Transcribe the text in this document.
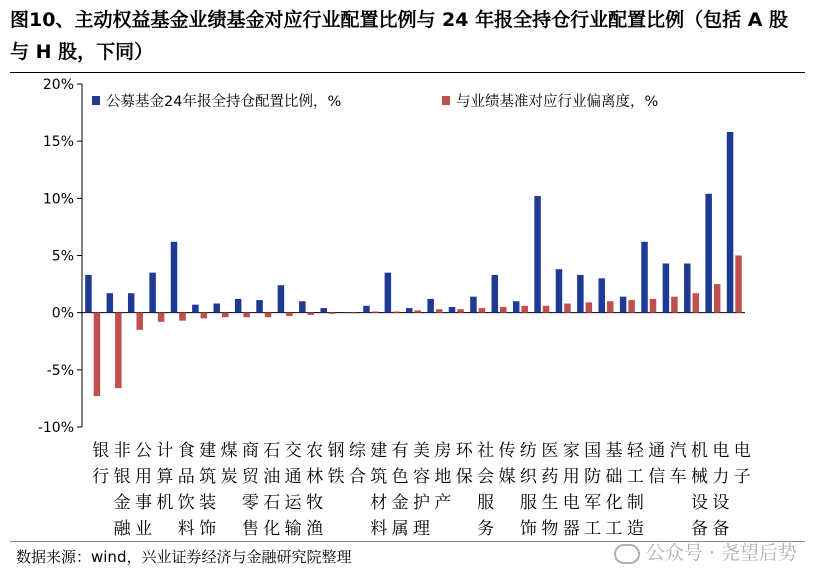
图10、主动权益基金业绩基金对应行业配置比例与 24 年报全持仓行业配置比例（包括 A 股与 H 股，下同）
20%
15%
10%
5%
0%
-5%
-10%
银行
非银金融
公用事业
计算机
食品饮料
建筑装饰
煤炭
商贸零售
石油石化
交通运输
农林牧渔
钢铁
综合
建筑材料
有色金属
美容护理
房地产
环保
社会服务
传媒
纺织服饰
医药生物
家用电器
国防军工
基础化工
轻工制造
通信
汽车
机械设备
电力设备
电子
公募基金24年报全持仓配置比例，%	与业绩基准对应行业偏离度，%
数据来源：wind，兴业证券经济与金融研究院整理	公众号 · 尧望后势
